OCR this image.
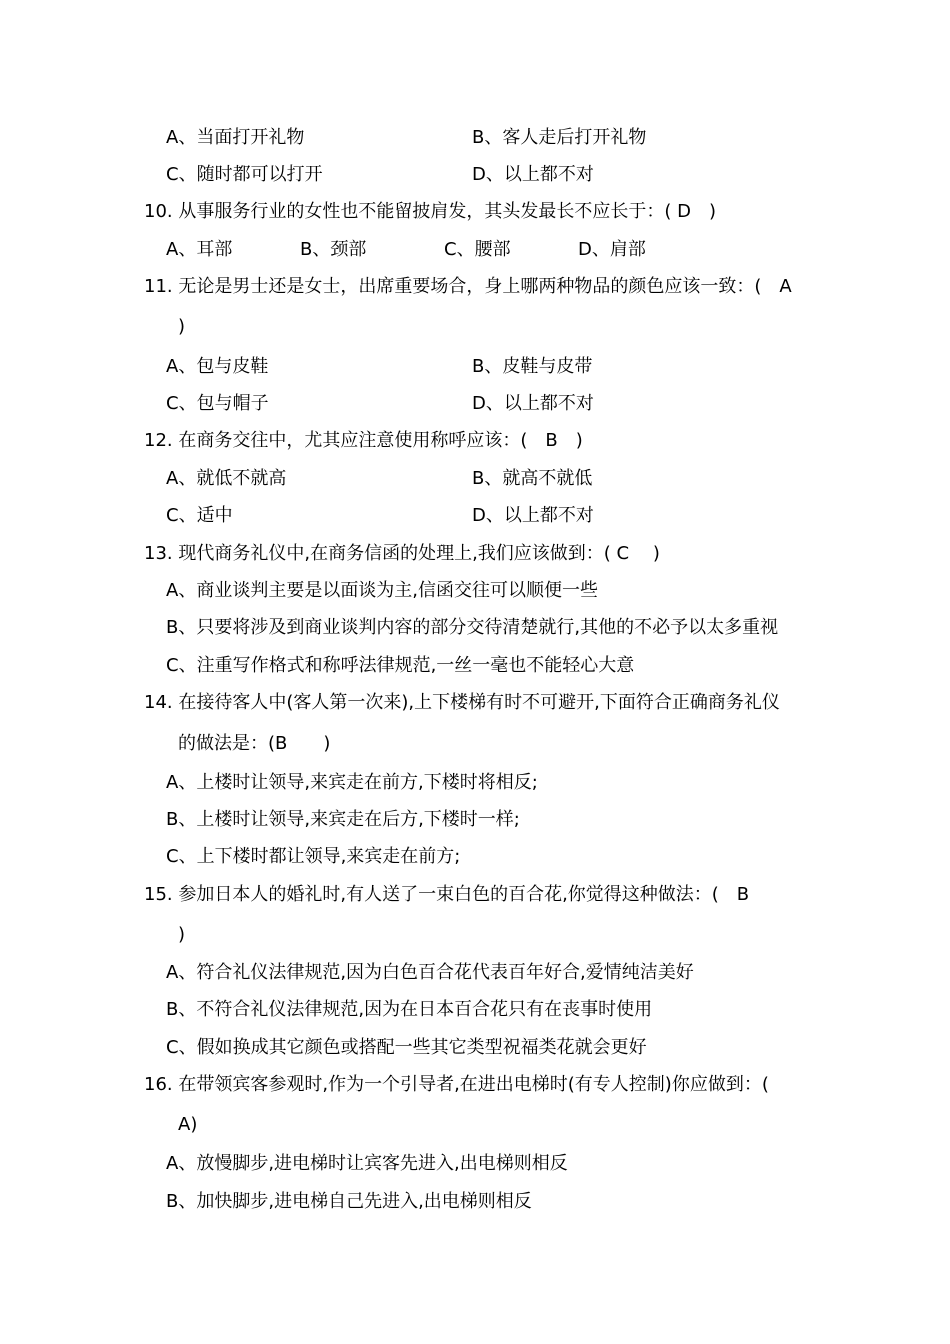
A、当面打开礼物	B、客人走后打开礼物
C、随时都可以打开	D、以上都不对
10. 从事服务行业的女性也不能留披肩发，其头发最长不应长于：( D　)
A、耳部	B、颈部	C、腰部	D、肩部
11. 无论是男士还是女士，出席重要场合，身上哪两种物品的颜色应该一致：(　A
)
A、包与皮鞋	B、皮鞋与皮带
C、包与帽子	D、以上都不对
12. 在商务交往中，尤其应注意使用称呼应该：(　B　)
A、就低不就高	B、就高不就低
C、适中	D、以上都不对
13. 现代商务礼仪中,在商务信函的处理上,我们应该做到：( C　 )
A、商业谈判主要是以面谈为主,信函交往可以顺便一些
B、只要将涉及到商业谈判内容的部分交待清楚就行,其他的不必予以太多重视
C、注重写作格式和称呼法律规范,一丝一毫也不能轻心大意
14. 在接待客人中(客人第一次来),上下楼梯有时不可避开,下面符合正确商务礼仪
的做法是：(B　　)
A、上楼时让领导,来宾走在前方,下楼时将相反;
B、上楼时让领导,来宾走在后方,下楼时一样;
C、上下楼时都让领导,来宾走在前方;
15. 参加日本人的婚礼时,有人送了一束白色的百合花,你觉得这种做法：(　B
)
A、符合礼仪法律规范,因为白色百合花代表百年好合,爱情纯洁美好
B、不符合礼仪法律规范,因为在日本百合花只有在丧事时使用
C、假如换成其它颜色或搭配一些其它类型祝福类花就会更好
16. 在带领宾客参观时,作为一个引导者,在进出电梯时(有专人控制)你应做到：(
A)
A、放慢脚步,进电梯时让宾客先进入,出电梯则相反
B、加快脚步,进电梯自己先进入,出电梯则相反
